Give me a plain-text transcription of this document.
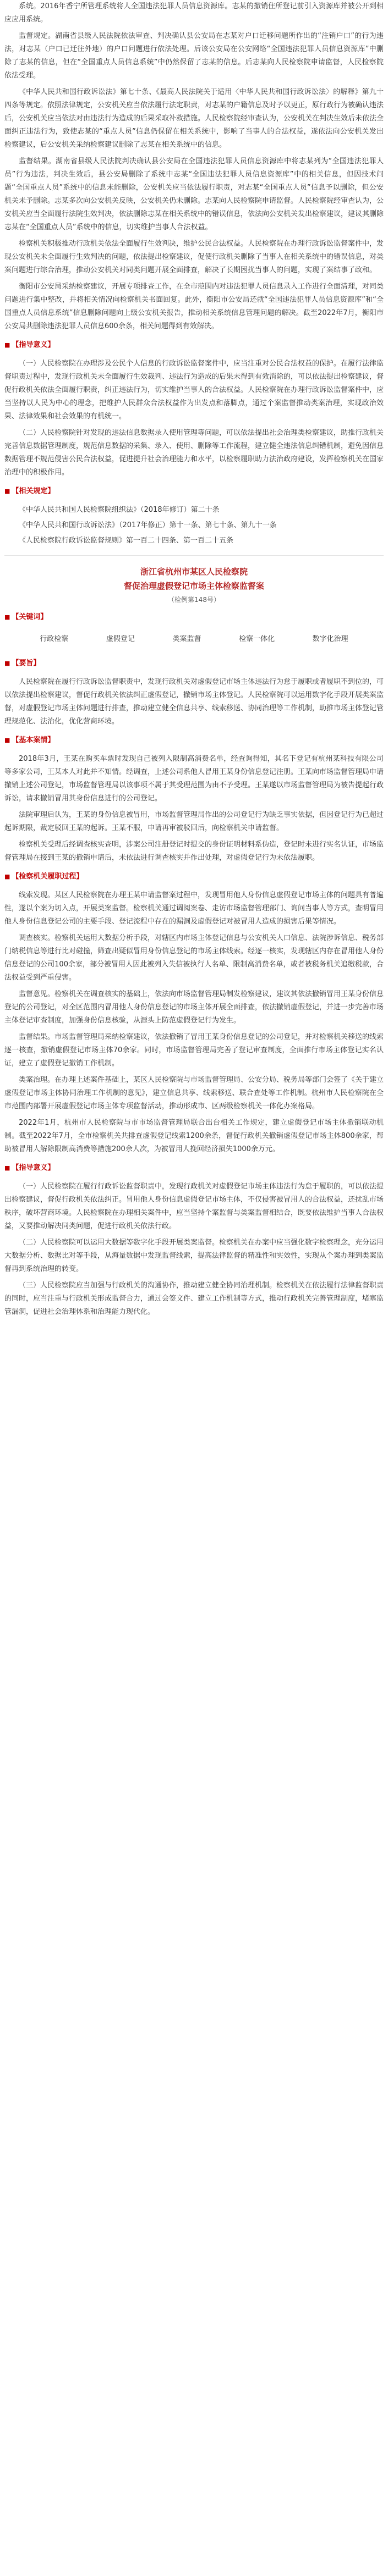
系统。2016年香宁所管理系统将人全国违法犯罪人员信息资源库。志某的撤销住所登记前引入资源库并被公开到相应应用系统。

监督规定。湖南省县级人民法院依法审查、判决确认县公安局在志某对户口迁移问题所作出的“注销户口”的行为违法，对志某（户口已迁往外地）的户口问题进行依法处理。后该公安局在公安网络“全国违法犯罪人员信息资源库”中删除了志某的信息，但在“全国重点人员信息系统”中仍然保留了志某的信息。后志某向人民检察院申请监督，人民检察院依法受理。

《中华人民共和国行政诉讼法》第七十条、《最高人民法院关于适用〈中华人民共和国行政诉讼法〉的解释》第九十四条等规定。依照法律规定，公安机关应当依法履行法定职责，对志某的户籍信息及时予以更正，原行政行为被确认违法后，公安机关应当依法对由违法行为造成的后果采取补救措施。人民检察院经审查认为，公安机关在判决生效后未依法全面纠正违法行为，致使志某的“重点人员”信息仍保留在相关系统中，影响了当事人的合法权益，遂依法向公安机关发出检察建议，后公安机关采纳检察建议删除了志某在相关系统中的信息。

监督结果。湖南省县级人民法院判决确认县公安局在全国违法犯罪人员信息资源库中将志某列为“全国违法犯罪人员”行为违法，判决生效后，县公安局删除了系统中志某“全国违法犯罪人员信息资源库”中的相关信息，但因技术问题“全国重点人员”系统中的信息未能删除，公安机关应当依法履行职责，对志某“全国重点人员”信息予以删除，但公安机关未予删除。志某多次向公安机关反映，公安机关仍未删除。志某向人民检察院申请监督。人民检察院经审查认为，公安机关应当全面履行法院生效判决，依法删除志某在相关系统中的错误信息，依法向公安机关发出检察建议，建议其删除志某在“全国重点人员”系统中的信息，切实维护当事人合法权益。

检察机关积极推动行政机关依法全面履行生效判决，维护公民合法权益。人民检察院在办理行政诉讼监督案件中，发现公安机关未全面履行生效判决的问题，依法提出检察建议，促使行政机关删除了当事人在相关系统中的错误信息，对类案问题进行综合治理，推动公安机关对同类问题开展全面排查，解决了长期困扰当事人的问题，实现了案结事了政和。

衡阳市公安局采纳检察建议，开展专项排查工作，在全市范围内对违法犯罪人员信息录入工作进行全面清理，对同类问题进行集中整改，并将相关情况向检察机关书面回复。此外，衡阳市公安局还就“全国违法犯罪人员信息资源库”和“全国重点人员信息系统”信息删除问题向上级公安机关报告，推动相关系统信息管理问题的解决。截至2022年7月，衡阳市公安局共删除违法犯罪人员信息600余条，相关问题得到有效解决。

■ 【指导意义】

（一）人民检察院在办理涉及公民个人信息的行政诉讼监督案件中，应当注重对公民合法权益的保护。在履行法律监督职责过程中，发现行政机关未全面履行生效裁判、违法行为造成的后果未得到有效消除的，可以依法提出检察建议，督促行政机关依法全面履行职责，纠正违法行为，切实维护当事人的合法权益。人民检察院在办理行政诉讼监督案件中，应当坚持以人民为中心的理念，把维护人民群众合法权益作为出发点和落脚点，通过个案监督推动类案治理，实现政治效果、法律效果和社会效果的有机统一。

（二）人民检察院针对发现的违法信息数据录入使用管理等问题，可以依法提出社会治理类检察建议，助推行政机关完善信息数据管理制度，规范信息数据的采集、录入、使用、删除等工作流程，建立健全违法信息纠错机制，避免因信息数据管理不规范侵害公民合法权益，促进提升社会治理能力和水平，以检察履职助力法治政府建设，发挥检察机关在国家治理中的积极作用。

■ 【相关规定】

《中华人民共和国人民检察院组织法》（2018年修订）第二十条

《中华人民共和国行政诉讼法》（2017年修正）第十一条、第七十条、第九十一条

《人民检察院行政诉讼监督规则》第一百二十四条、第一百二十五条

浙江省杭州市某区人民检察院
督促治理虚假登记市场主体检察监督案
（检例第148号）
■ 【关键词】
行政检察	虚假登记	类案监督	检察一体化	数字化治理
■ 【要旨】

人民检察院在履行行政诉讼监督职责中，发现行政机关对虚假登记市场主体违法行为怠于履职或者履职不到位的，可以依法提出检察建议，督促行政机关依法纠正虚假登记，撤销市场主体登记。人民检察院可以运用数字化手段开展类案监督，对虚假登记市场主体问题进行排查，推动建立健全信息共享、线索移送、协同治理等工作机制，助推市场主体登记管理规范化、法治化，优化营商环境。

■ 【基本案情】

2018年3月，王某在购买车票时发现自己被列入限制高消费名单，经查询得知，其名下登记有杭州某科技有限公司等多家公司，王某本人对此并不知情。经调查，上述公司系他人冒用王某身份信息登记注册。王某向市场监督管理局申请撤销上述公司登记，市场监督管理局以该事项不属于其受理范围为由不予受理。王某遂以市场监督管理局为被告提起行政诉讼，请求撤销冒用其身份信息进行的公司登记。

法院审理后认为，王某的身份信息被冒用，市场监督管理局作出的公司登记行为缺乏事实依据，但因登记行为已超过起诉期限，裁定驳回王某的起诉。王某不服，申请再审被驳回后，向检察机关申请监督。

检察机关受理后经调查核实查明，涉案公司注册登记时提交的身份证明材料系伪造，登记时未进行实名认证，市场监督管理局在接到王某的撤销申请后，未依法进行调查核实并作出处理，对虚假登记行为未依法履职。

■ 【检察机关履职过程】

线索发现。某区人民检察院在办理王某申请监督案过程中，发现冒用他人身份信息虚假登记市场主体的问题具有普遍性，遂以个案为切入点，开展类案监督。检察机关通过调阅案卷、走访市场监督管理部门、询问当事人等方式，查明冒用他人身份信息登记公司的主要手段、登记流程中存在的漏洞及虚假登记对被冒用人造成的损害后果等情况。

调查核实。检察机关运用大数据分析手段，对辖区内市场主体登记信息与公安机关人口信息、法院涉诉信息、税务部门纳税信息等进行比对碰撞，筛查出疑似冒用身份信息登记的市场主体线索。经逐一核实，发现辖区内存在冒用他人身份信息登记的公司100余家，部分被冒用人因此被列入失信被执行人名单、限制高消费名单，或者被税务机关追缴税款，合法权益受到严重侵害。

监督意见。检察机关在调查核实的基础上，依法向市场监督管理局制发检察建议，建议其依法撤销冒用王某身份信息登记的公司登记，对全区范围内冒用他人身份信息登记的市场主体开展全面排查，依法撤销虚假登记，并进一步完善市场主体登记审查制度，加强身份信息核验，从源头上防范虚假登记行为发生。

监督结果。市场监督管理局采纳检察建议，依法撤销了冒用王某身份信息登记的公司登记，并对检察机关移送的线索逐一核查，撤销虚假登记市场主体70余家。同时，市场监督管理局完善了登记审查制度，全面推行市场主体登记实名认证，建立了虚假登记撤销工作机制。

类案治理。在办理上述案件基础上，某区人民检察院与市场监督管理局、公安分局、税务局等部门会签了《关于建立虚假登记市场主体协同治理工作机制的意见》，建立信息共享、线索移送、联合查处等工作机制。杭州市人民检察院在全市范围内部署开展虚假登记市场主体专项监督活动，推动形成市、区两级检察机关一体化办案格局。

2022年1月，杭州市人民检察院与市市场监督管理局联合出台相关工作规定，建立虚假登记市场主体撤销联动机制。截至2022年7月，全市检察机关共排查虚假登记线索1200余条，督促行政机关撤销虚假登记市场主体800余家，帮助被冒用人解除限制高消费等措施200余人次，为被冒用人挽回经济损失1000余万元。

■ 【指导意义】

（一）人民检察院在履行行政诉讼监督职责中，发现行政机关对虚假登记市场主体违法行为怠于履职的，可以依法提出检察建议，督促行政机关依法纠正。冒用他人身份信息虚假登记市场主体，不仅侵害被冒用人的合法权益，还扰乱市场秩序，破坏营商环境。人民检察院在办理相关案件中，应当坚持个案监督与类案监督相结合，既要依法维护当事人合法权益，又要推动解决同类问题，促进行政机关依法行政。

（二）人民检察院可以运用大数据等数字化手段开展类案监督。检察机关在办案中应当强化数字检察理念，充分运用大数据分析、数据比对等手段，从海量数据中发现监督线索，提高法律监督的精准性和实效性，实现从个案办理到类案监督再到系统治理的转变。

（三）人民检察院应当加强与行政机关的沟通协作，推动建立健全协同治理机制。检察机关在依法履行法律监督职责的同时，应当注重与行政机关形成监督合力，通过会签文件、建立工作机制等方式，推动行政机关完善管理制度，堵塞监管漏洞，促进社会治理体系和治理能力现代化。
